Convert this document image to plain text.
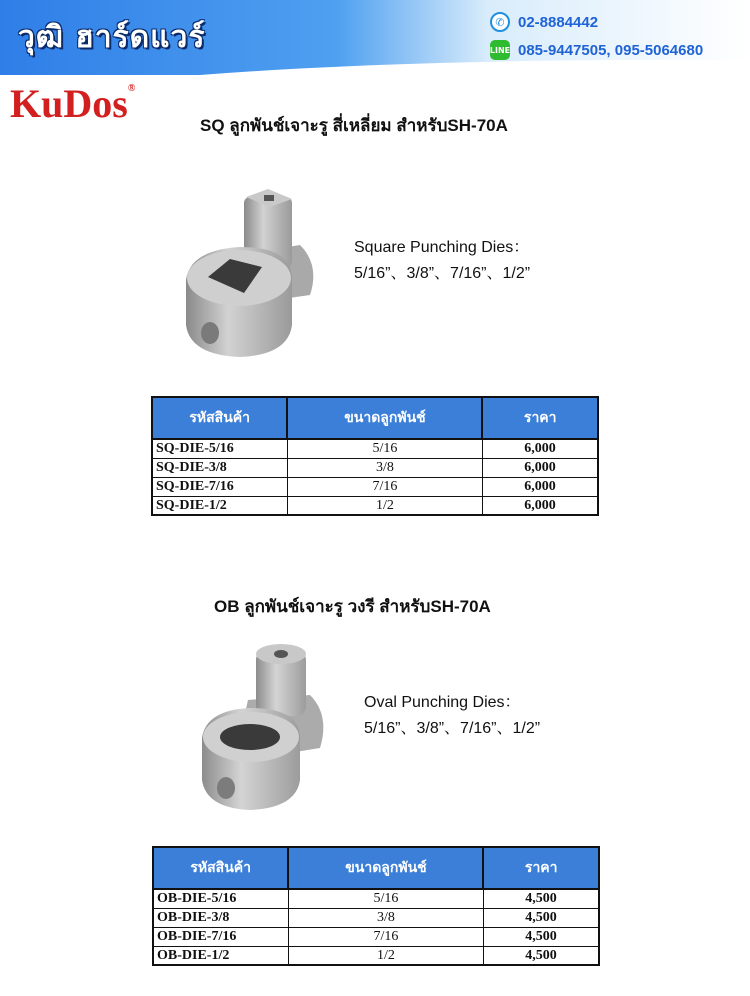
วุฒิ ฮาร์ดแวร์	✆ 02-8884442
LINE 085-9447505, 095-5064680
KuDos®
SQ ลูกพันช์เจาะรู สี่เหลี่ยม สำหรับSH-70A
Square Punching Dies：
5/16”、3/8”、7/16”、1/2”
รหัสสินค้า	ขนาดลูกพันช์	ราคา
SQ-DIE-5/16	5/16	6,000
SQ-DIE-3/8	3/8	6,000
SQ-DIE-7/16	7/16	6,000
SQ-DIE-1/2	1/2	6,000
OB ลูกพันช์เจาะรู วงรี สำหรับSH-70A
Oval Punching Dies：
5/16”、3/8”、7/16”、1/2”
รหัสสินค้า	ขนาดลูกพันช์	ราคา
OB-DIE-5/16	5/16	4,500
OB-DIE-3/8	3/8	4,500
OB-DIE-7/16	7/16	4,500
OB-DIE-1/2	1/2	4,500
